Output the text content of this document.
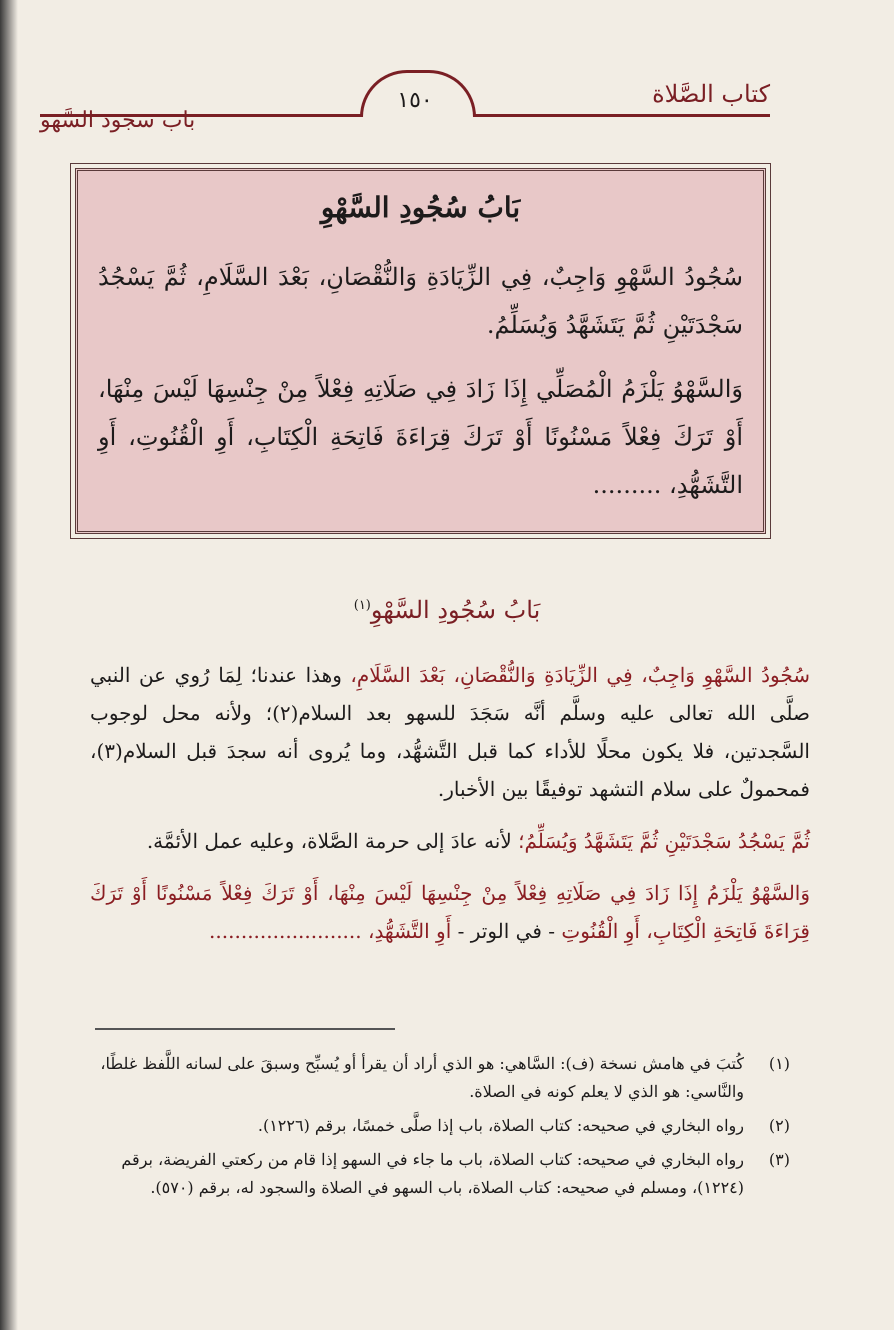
كتاب الصَّلاة
١٥٠
باب سجود السَّهو
بَابُ سُجُودِ السَّهْوِ

سُجُودُ السَّهْوِ وَاجِبٌ، فِي الزِّيَادَةِ وَالنُّقْصَانِ، بَعْدَ السَّلَامِ، ثُمَّ يَسْجُدُ سَجْدَتَيْنِ ثُمَّ يَتَشَهَّدُ وَيُسَلِّمُ.

وَالسَّهْوُ يَلْزَمُ الْمُصَلِّي إِذَا زَادَ فِي صَلَاتِهِ فِعْلاً مِنْ جِنْسِهَا لَيْسَ مِنْهَا، أَوْ تَرَكَ فِعْلاً مَسْنُونًا أَوْ تَرَكَ قِرَاءَةَ فَاتِحَةِ الْكِتَابِ، أَوِ الْقُنُوتِ، أَوِ التَّشَهُّدِ، .........

بَابُ سُجُودِ السَّهْوِ$^{(١)}$

سُجُودُ السَّهْوِ وَاجِبٌ، فِي الزِّيَادَةِ وَالنُّقْصَانِ، بَعْدَ السَّلَامِ، وهذا عندنا؛ لِمَا رُوي عن النبي صلَّى الله تعالى عليه وسلَّم أنَّه سَجَدَ للسهو بعد السلام(٢)؛ ولأنه محل لوجوب السَّجدتين، فلا يكون محلًا للأداء كما قبل التَّشهُّد، وما يُروى أنه سجدَ قبل السلام(٣)، فمحمولٌ على سلام التشهد توفيقًا بين الأخبار.

ثُمَّ يَسْجُدُ سَجْدَتَيْنِ ثُمَّ يَتَشَهَّدُ وَيُسَلِّمُ؛ لأنه عادَ إلى حرمة الصَّلاة، وعليه عمل الأئمَّة.

وَالسَّهْوُ يَلْزَمُ إِذَا زَادَ فِي صَلَاتِهِ فِعْلاً مِنْ جِنْسِهَا لَيْسَ مِنْهَا، أَوْ تَرَكَ فِعْلاً مَسْنُونًا أَوْ تَرَكَ قِرَاءَةَ فَاتِحَةِ الْكِتَابِ، أَوِ الْقُنُوتِ - في الوتر - أَوِ التَّشَهُّدِ، ........................

(١)
كُتبَ في هامش نسخة (ف): السَّاهي: هو الذي أراد أن يقرأ أو يُسبِّح وسبقَ على لسانه اللَّفظ غلطًا، والنَّاسي: هو الذي لا يعلم كونه في الصلاة.
(٢)
رواه البخاري في صحيحه: كتاب الصلاة، باب إذا صلَّى خمسًا، برقم (١٢٢٦).
(٣)
رواه البخاري في صحيحه: كتاب الصلاة، باب ما جاء في السهو إذا قام من ركعتي الفريضة، برقم (١٢٢٤)، ومسلم في صحيحه: كتاب الصلاة، باب السهو في الصلاة والسجود له، برقم (٥٧٠).
